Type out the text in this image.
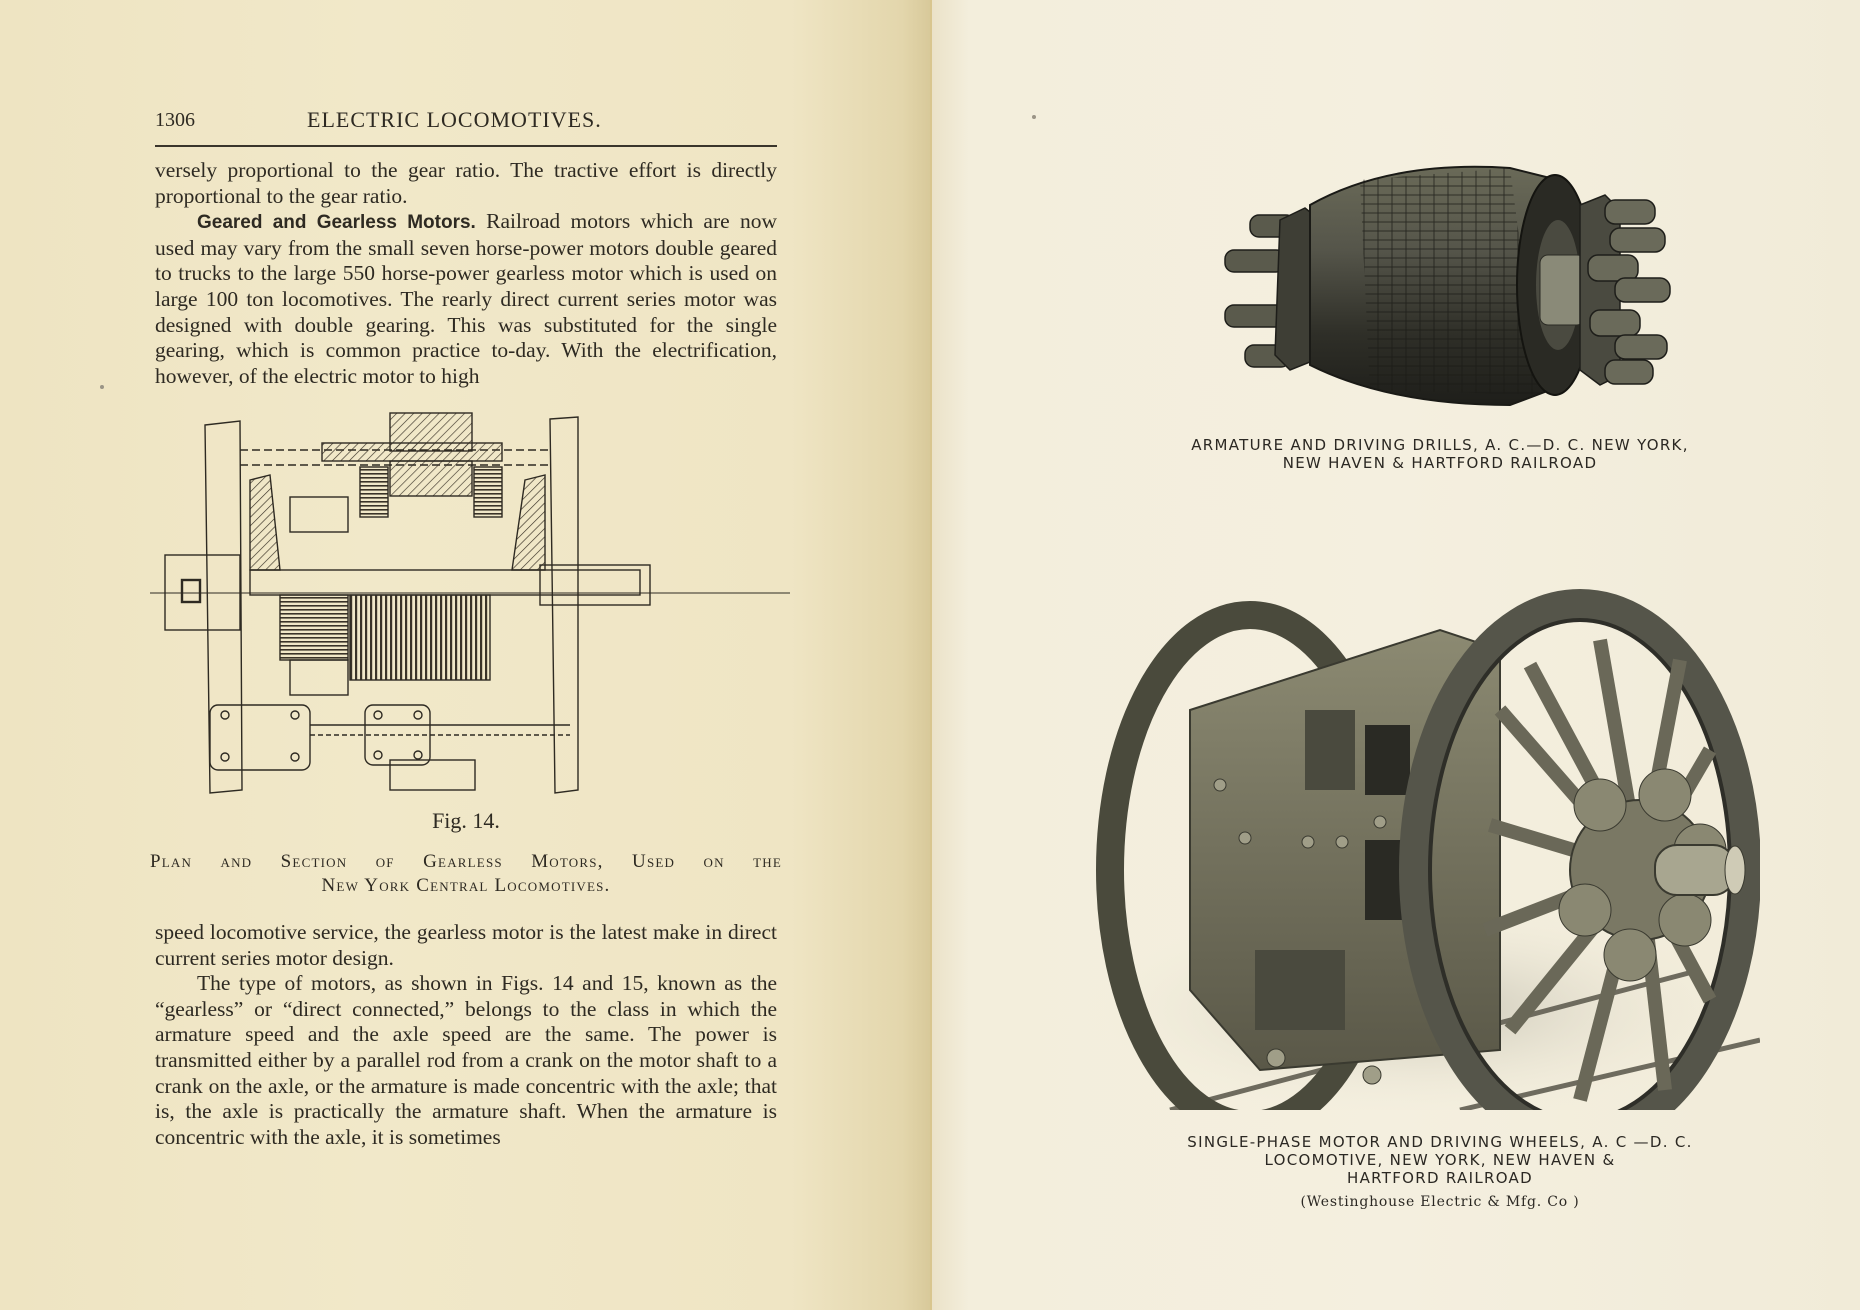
1306	ELECTRIC LOCOMOTIVES.

versely proportional to the gear ratio. The tractive effort is directly proportional to the gear ratio.

Geared and Gearless Motors. Railroad motors which are now used may vary from the small seven horse-power motors double geared to trucks to the large 550 horse-power gearless motor which is used on large 100 ton locomotives. The rearly direct current series motor was designed with double gearing. This was substituted for the single gearing, which is common practice to-day. With the electrification, however, of the electric motor to high

Fig. 14.
Plan and Section of Gearless Motors, Used on the
New York Central Locomotives.

speed locomotive service, the gearless motor is the latest make in direct current series motor design.

The type of motors, as shown in Figs. 14 and 15, known as the “gearless” or “direct connected,” belongs to the class in which the armature speed and the axle speed are the same. The power is transmitted either by a parallel rod from a crank on the motor shaft to a crank on the axle, or the armature is made concentric with the axle; that is, the axle is practically the armature shaft. When the armature is concentric with the axle, it is sometimes

ARMATURE AND DRIVING DRILLS, A. C.—D. C. NEW YORK,
NEW HAVEN & HARTFORD RAILROAD
SINGLE-PHASE MOTOR AND DRIVING WHEELS, A. C —D. C.
LOCOMOTIVE, NEW YORK, NEW HAVEN &
HARTFORD RAILROAD
(Westinghouse Electric & Mfg. Co )
